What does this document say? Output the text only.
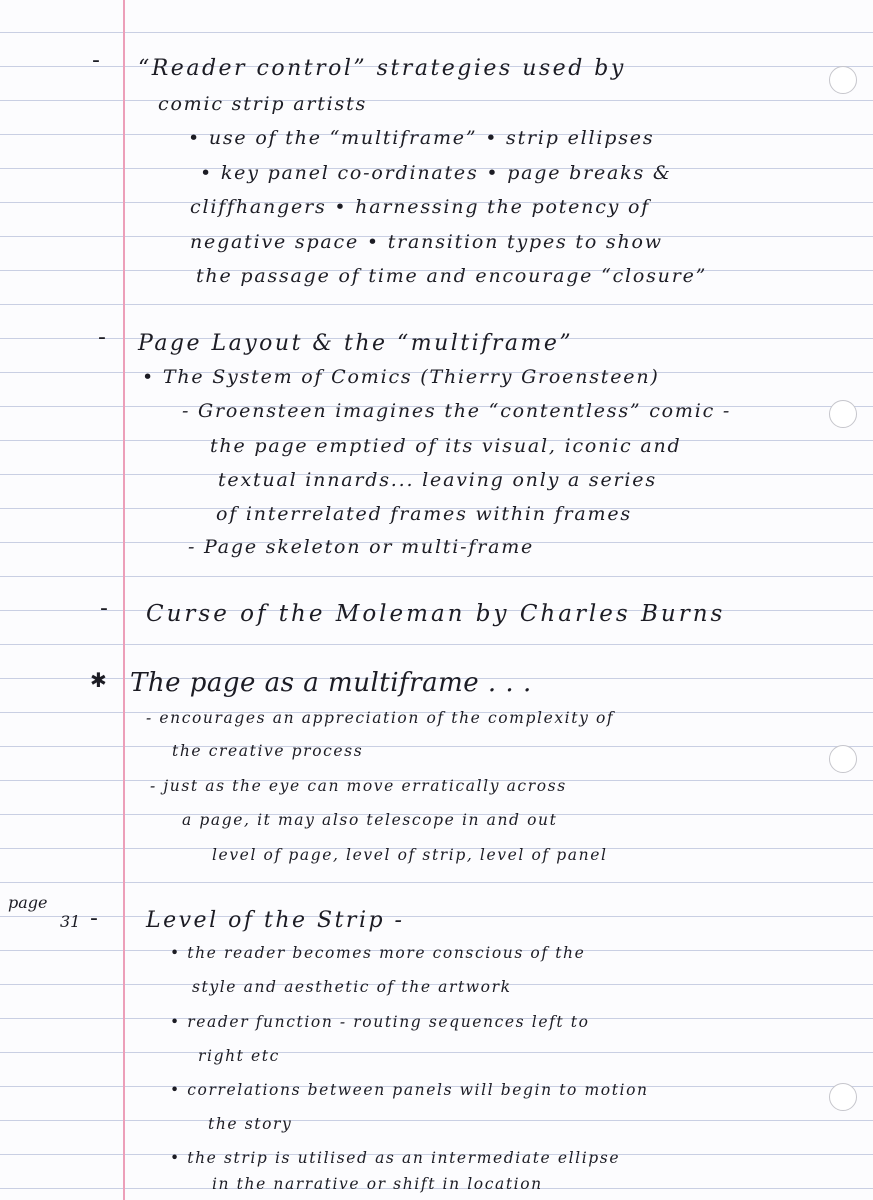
- “Reader control” strategies used by
comic strip artists
• use of the “multiframe” • strip ellipses
• key panel co-ordinates • page breaks &
cliffhangers • harnessing the potency of
negative space • transition types to show
the passage of time and encourage “closure”
- Page Layout & the “multiframe”
• The System of Comics (Thierry Groensteen)
- Groensteen imagines the “contentless” comic -
the page emptied of its visual, iconic and
textual innards... leaving only a series
of interrelated frames within frames
- Page skeleton or multi-frame
- Curse of the Moleman by Charles Burns
✱ The page as a multiframe . . .
- encourages an appreciation of the complexity of
the creative process
- just as the eye can move erratically across
a page, it may also telescope in and out
level of page, level of strip, level of panel
page
31 - Level of the Strip -
• the reader becomes more conscious of the
style and aesthetic of the artwork
• reader function - routing sequences left to
right etc
• correlations between panels will begin to motion
the story
• the strip is utilised as an intermediate ellipse
in the narrative or shift in location
